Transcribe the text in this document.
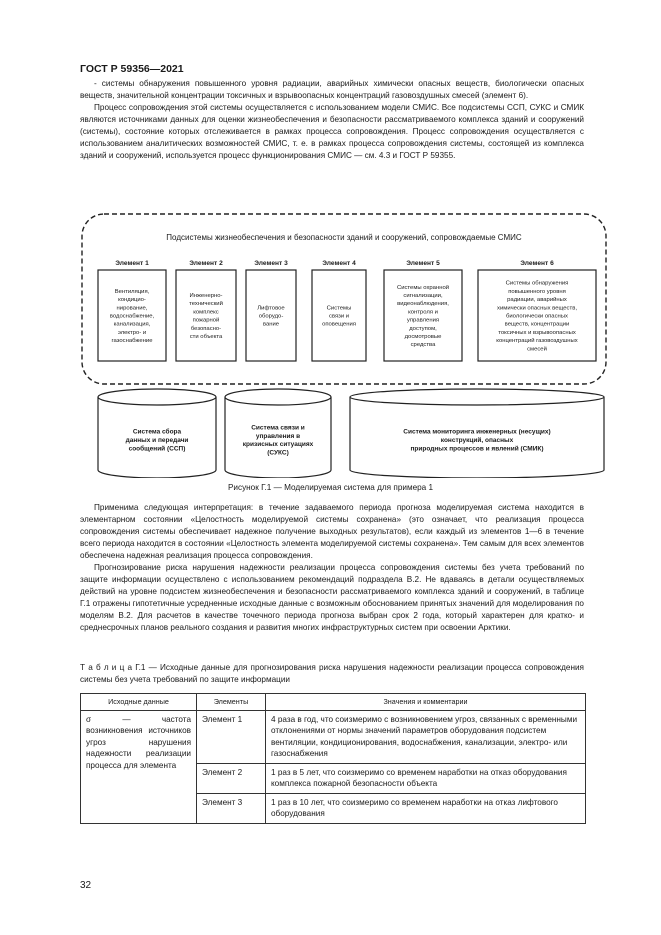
ГОСТ Р 59356—2021

- системы обнаружения повышенного уровня радиации, аварийных химически опасных веществ, биологически опасных веществ, значительной концентрации токсичных и взрывоопасных концентраций газовоздушных смесей (элемент 6).

Процесс сопровождения этой системы осуществляется с использованием модели СМИС. Все подсистемы ССП, СУКС и СМИК являются источниками данных для оценки жизнеобеспечения и безопасности рассматриваемого комплекса зданий и сооружений (системы), состояние которых отслеживается в рамках процесса сопровождения. Процесс сопровождения осуществляется с использованием аналитических возможностей СМИС, т. е. в рамках процесса сопровождения системы, состоящей из комплекса зданий и сооружений, используется процесс функционирования СМИС — см. 4.3 и ГОСТ Р 59355.

Подсистемы жизнеобеспечения и безопасности зданий и сооружений, сопровождаемые СМИС
Элемент 1
Вентиляция,
кондицио-
нирование,
водоснабжение,
канализация,
электро- и
газоснабжение
Элемент 2
Инженерно-
технический
комплекс
пожарной
безопасно-
сти объекта
Элемент 3
Лифтовое
оборудо-
вание
Элемент 4
Системы
связи и
оповещения
Элемент 5
Системы охранной
сигнализации,
видеонаблюдения,
контроля и
управления
доступом,
досмотровые
средства
Элемент 6
Системы обнаружения
повышенного уровня
радиации, аварийных
химически опасных веществ,
биологически опасных
веществ, концентрации
токсичных и взрывоопасных
концентраций газовоздушных
смесей
Система сбора
данных и передачи
сообщений (ССП)
Система связи и
управления в
кризисных ситуациях
(СУКС)
Система мониторинга инженерных (несущих)
конструкций, опасных
природных процессов и явлений (СМИК)
Рисунок Г.1 — Моделируемая система для примера 1

Применима следующая интерпретация: в течение задаваемого периода прогноза моделируемая система находится в элементарном состоянии «Целостность моделируемой системы сохранена» (это означает, что реализация процесса сопровождения системы обеспечивает надежное получение выходных результатов), если каждый из элементов 1—6 в течение всего периода находится в состоянии «Целостность элемента моделируемой системы сохранена». Тем самым для всех элементов обеспечена надежная реализация процесса сопровождения.

Прогнозирование риска нарушения надежности реализации процесса сопровождения системы без учета требований по защите информации осуществлено с использованием рекомендаций подраздела В.2. Не вдаваясь в детали осуществляемых действий на уровне подсистем жизнеобеспечения и безопасности рассматриваемого комплекса зданий и сооружений, в таблице Г.1 отражены гипотетичные усредненные исходные данные с возможным обоснованием принятых значений для моделирования по моделям В.2. Для расчетов в качестве точечного периода прогноза выбран срок 2 года, который характерен для кратко- и среднесрочных планов реального создания и развития многих инфраструктурных систем при освоении Арктики.

Т а б л и ц а Г.1 — Исходные данные для прогнозирования риска нарушения надежности реализации процесса сопровождения системы без учета требований по защите информации
Исходные данные	Элементы	Значения и комментарии
σ — частота возникновения источников угроз нарушения надежности реализации процесса для элемента	Элемент 1	4 раза в год, что соизмеримо с возникновением угроз, связанных с временными отклонениями от нормы значений параметров оборудования подсистем вентиляции, кондиционирования, водоснабжения, канализации, электро- или газоснабжения
	Элемент 2	1 раз в 5 лет, что соизмеримо со временем наработки на отказ оборудования комплекса пожарной безопасности объекта
	Элемент 3	1 раз в 10 лет, что соизмеримо со временем наработки на отказ лифтового оборудования
32
